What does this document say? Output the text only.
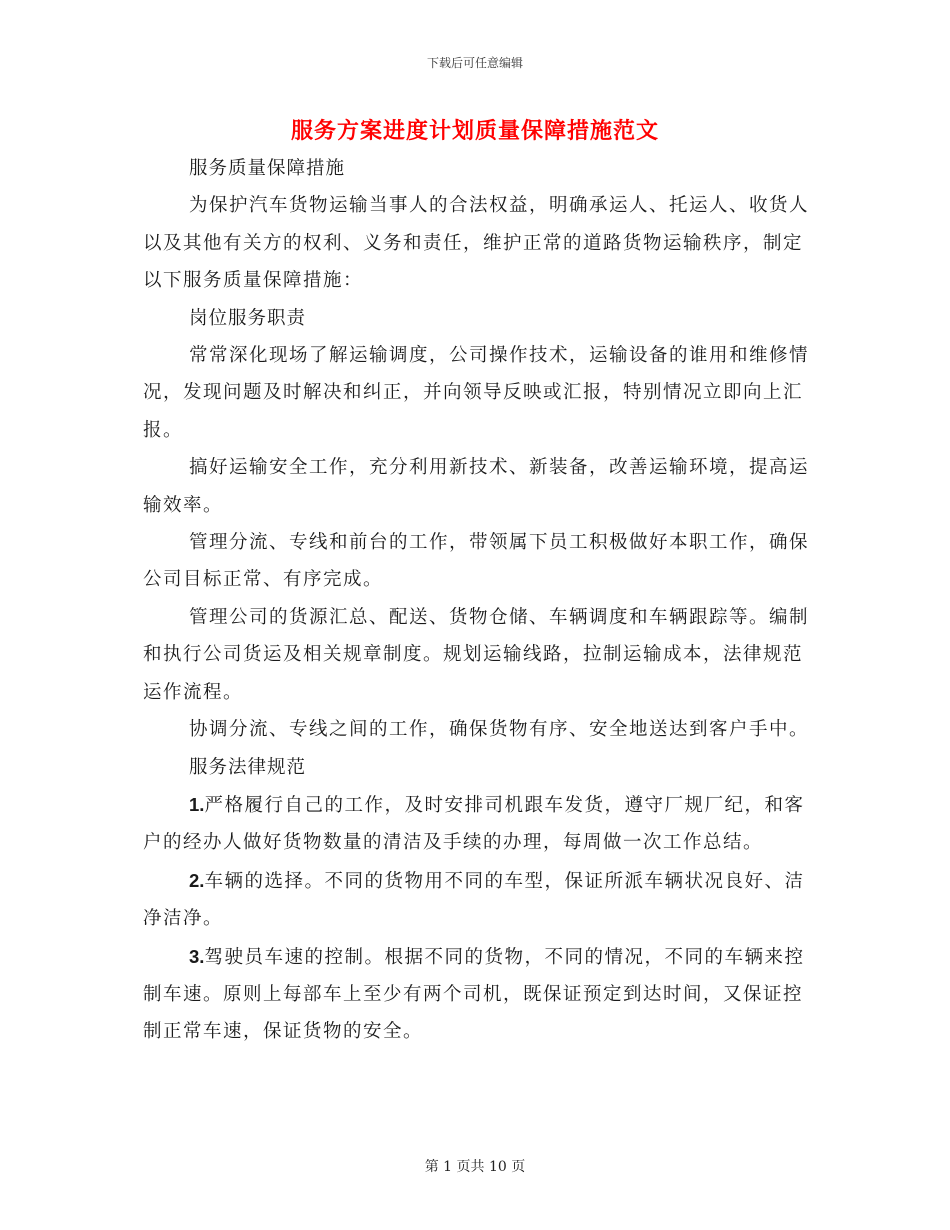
下载后可任意编辑
服务方案进度计划质量保障措施范文

服务质量保障措施

为保护汽车货物运输当事人的合法权益，明确承运人、托运人、收货人以及其他有关方的权利、义务和责任，维护正常的道路货物运输秩序，制定以下服务质量保障措施：

岗位服务职责

常常深化现场了解运输调度，公司操作技术，运输设备的谁用和维修情况，发现问题及时解决和纠正，并向领导反映或汇报，特别情况立即向上汇报。

搞好运输安全工作，充分利用新技术、新装备，改善运输环境，提高运输效率。

管理分流、专线和前台的工作，带领属下员工积极做好本职工作，确保公司目标正常、有序完成。

管理公司的货源汇总、配送、货物仓储、车辆调度和车辆跟踪等。编制和执行公司货运及相关规章制度。规划运输线路，拉制运输成本，法律规范运作流程。

协调分流、专线之间的工作，确保货物有序、安全地送达到客户手中。

服务法律规范

1.严格履行自己的工作，及时安排司机跟车发货，遵守厂规厂纪，和客户的经办人做好货物数量的清洁及手续的办理，每周做一次工作总结。

2.车辆的选择。不同的货物用不同的车型，保证所派车辆状况良好、洁净洁净。

3.驾驶员车速的控制。根据不同的货物，不同的情况，不同的车辆来控制车速。原则上每部车上至少有两个司机，既保证预定到达时间，又保证控制正常车速，保证货物的安全。

第 1 页共 10 页
